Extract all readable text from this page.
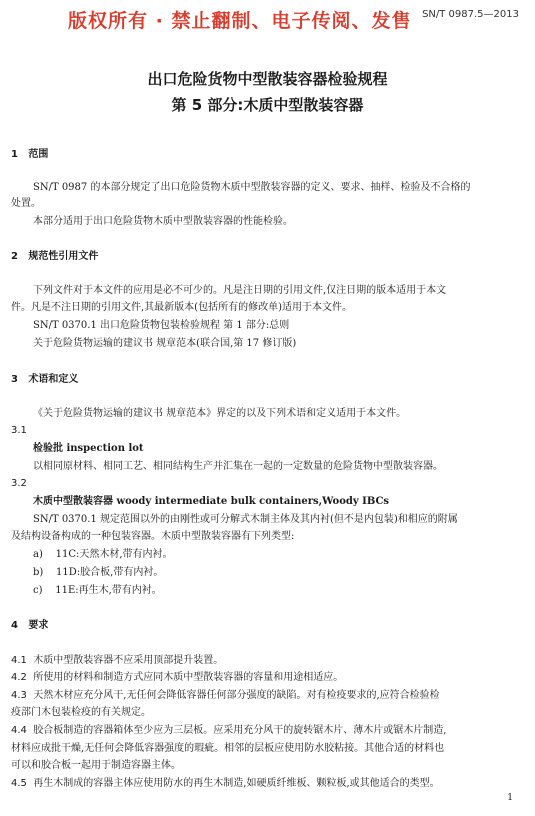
版权所有 · 禁止翻制、电子传阅、发售 SN/T 0987.5—2013
出口危险货物中型散装容器检验规程
第 5 部分:木质中型散装容器
1 范围
SN/T 0987 的本部分规定了出口危险货物木质中型散装容器的定义、要求、抽样、检验及不合格的
处置。
本部分适用于出口危险货物木质中型散装容器的性能检验。
2 规范性引用文件
下列文件对于本文件的应用是必不可少的。凡是注日期的引用文件,仅注日期的版本适用于本文
件。凡是不注日期的引用文件,其最新版本(包括所有的修改单)适用于本文件。
SN/T 0370.1 出口危险货物包装检验规程 第 1 部分:总则
关于危险货物运输的建议书 规章范本(联合国,第 17 修订版)
3 术语和定义
《关于危险货物运输的建议书 规章范本》界定的以及下列术语和定义适用于本文件。
3.1
检验批 inspection lot
以相同原材料、相同工艺、相同结构生产并汇集在一起的一定数量的危险货物中型散装容器。
3.2
木质中型散装容器 woody intermediate bulk containers,Woody IBCs
SN/T 0370.1 规定范围以外的由刚性或可分解式木制主体及其内衬(但不是内包装)和相应的附属
及结构设备构成的一种包装容器。木质中型散装容器有下列类型:
a) 11C:天然木材,带有内衬。
b) 11D:胶合板,带有内衬。
c) 11E:再生木,带有内衬。
4 要求
4.1 木质中型散装容器不应采用顶部提升装置。
4.2 所使用的材料和制造方式应同木质中型散装容器的容量和用途相适应。
4.3 天然木材应充分风干,无任何会降低容器任何部分强度的缺陷。对有检疫要求的,应符合检验检
疫部门木包装检疫的有关规定。
4.4 胶合板制造的容器箱体至少应为三层板。应采用充分风干的旋转锯木片、薄木片或锯木片制造,
材料应成批干燥,无任何会降低容器强度的瑕疵。相邻的层板应使用防水胶粘接。其他合适的材料也
可以和胶合板一起用于制造容器主体。
4.5 再生木制成的容器主体应使用防水的再生木制造,如硬质纤维板、颗粒板,或其他适合的类型。
1
